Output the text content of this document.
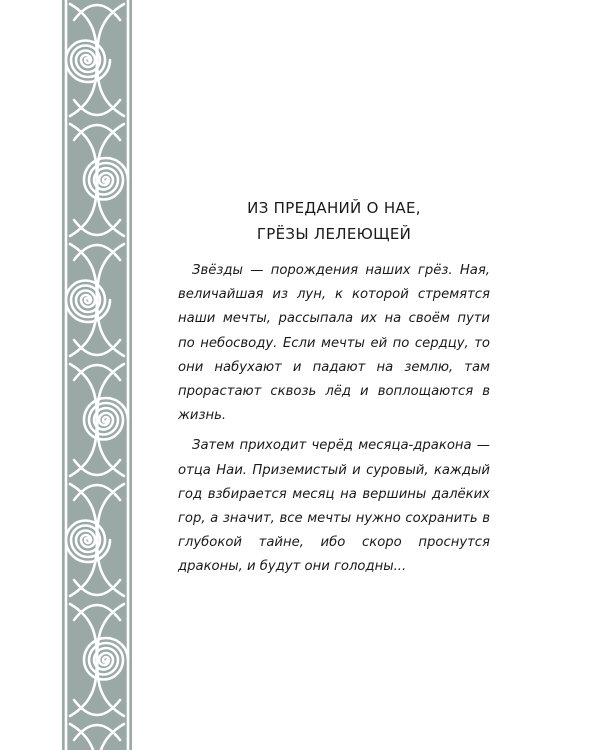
ИЗ ПРЕДАНИЙ О НАЕ,
ГРЁЗЫ ЛЕЛЕЮЩЕЙ

Звёзды — порождения наших грёз. Ная, величайшая из лун, к которой стремятся наши мечты, рассыпала их на своём пути по небосводу. Если мечты ей по сердцу, то они набухают и падают на землю, там прорастают сквозь лёд и воплощаются в жизнь.

Затем приходит черёд месяца-дракона — отца Наи. Приземистый и суровый, каждый год взбирается месяц на вершины далёких гор, а значит, все мечты нужно сохранить в глубокой тайне, ибо скоро проснутся драконы, и будут они голодны...
